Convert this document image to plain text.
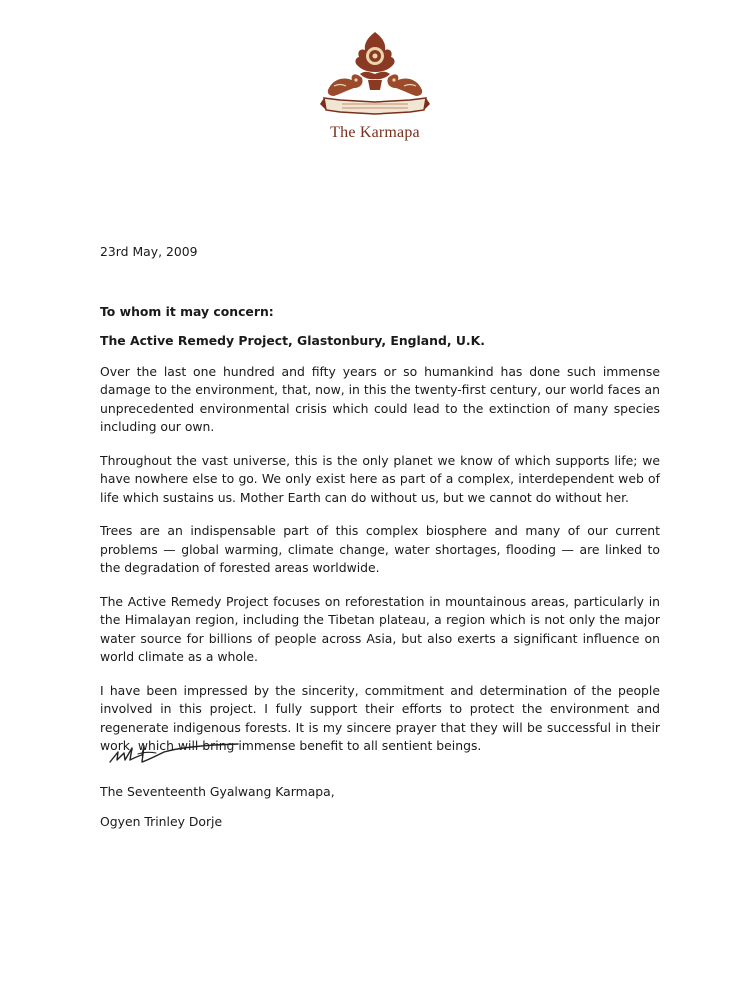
The Karmapa

23rd May, 2009

To whom it may concern:

The Active Remedy Project, Glastonbury, England, U.K.

Over the last one hundred and fifty years or so humankind has done such immense damage to the environment, that, now, in this the twenty-first century, our world faces an unprecedented environmental crisis which could lead to the extinction of many species including our own.

Throughout the vast universe, this is the only planet we know of which supports life; we have nowhere else to go. We only exist here as part of a complex, interdependent web of life which sustains us. Mother Earth can do without us, but we cannot do without her.

Trees are an indispensable part of this complex biosphere and many of our current problems — global warming, climate change, water shortages, flooding — are linked to the degradation of forested areas worldwide.

The Active Remedy Project focuses on reforestation in mountainous areas, particularly in the Himalayan region, including the Tibetan plateau, a region which is not only the major water source for billions of people across Asia, but also exerts a significant influence on world climate as a whole.

I have been impressed by the sincerity, commitment and determination of the people involved in this project. I fully support their efforts to protect the environment and regenerate indigenous forests. It is my sincere prayer that they will be successful in their work, which will bring immense benefit to all sentient beings.

The Seventeenth Gyalwang Karmapa,
Ogyen Trinley Dorje
